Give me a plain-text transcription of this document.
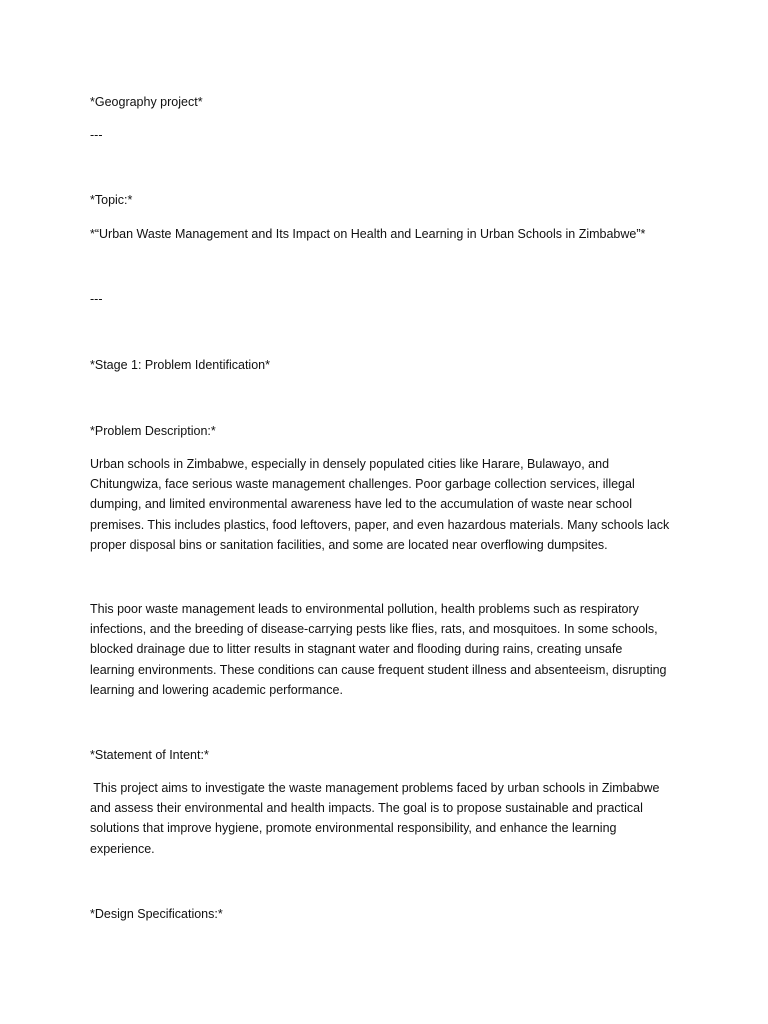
*Geography project*

---

*Topic:*

*“Urban Waste Management and Its Impact on Health and Learning in Urban Schools in Zimbabwe”*

---

*Stage 1: Problem Identification*

*Problem Description:*

Urban schools in Zimbabwe, especially in densely populated cities like Harare, Bulawayo, and
Chitungwiza, face serious waste management challenges. Poor garbage collection services, illegal
dumping, and limited environmental awareness have led to the accumulation of waste near school
premises. This includes plastics, food leftovers, paper, and even hazardous materials. Many schools lack
proper disposal bins or sanitation facilities, and some are located near overflowing dumpsites.
This poor waste management leads to environmental pollution, health problems such as respiratory
infections, and the breeding of disease-carrying pests like flies, rats, and mosquitoes. In some schools,
blocked drainage due to litter results in stagnant water and flooding during rains, creating unsafe
learning environments. These conditions can cause frequent student illness and absenteeism, disrupting
learning and lowering academic performance.

*Statement of Intent:*

This project aims to investigate the waste management problems faced by urban schools in Zimbabwe
and assess their environmental and health impacts. The goal is to propose sustainable and practical
solutions that improve hygiene, promote environmental responsibility, and enhance the learning
experience.

*Design Specifications:*
